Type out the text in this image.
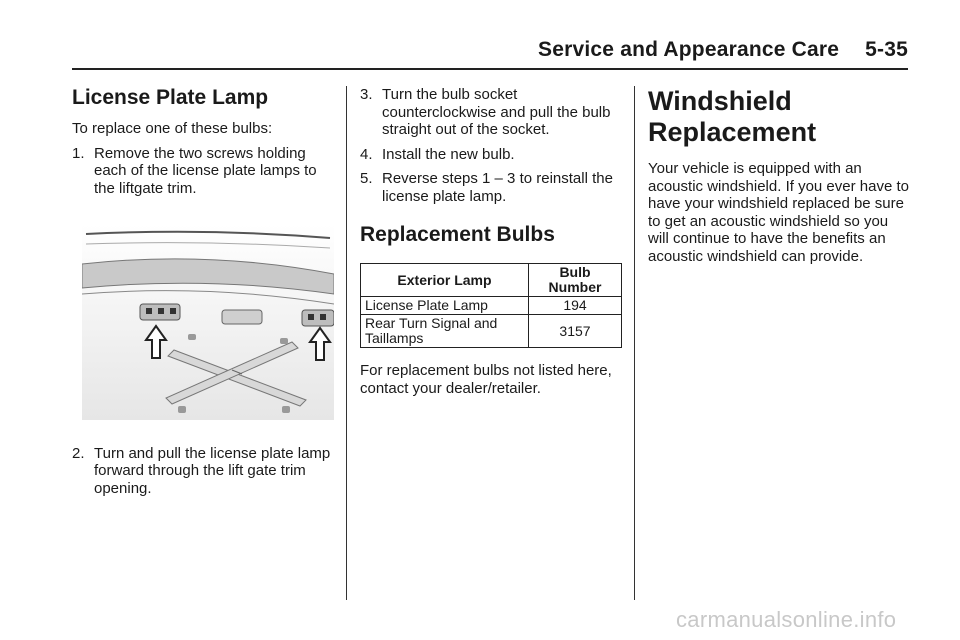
Service and Appearance Care 5-35
License Plate Lamp

To replace one of these bulbs:

1. Remove the two screws holding each of the license plate lamps to the liftgate trim.
2. Turn and pull the license plate lamp forward through the lift gate trim opening.
3. Turn the bulb socket counterclockwise and pull the bulb straight out of the socket.
4. Install the new bulb.
5. Reverse steps 1 – 3 to reinstall the license plate lamp.
Replacement Bulbs
Exterior Lamp	Bulb Number
License Plate Lamp	194
Rear Turn Signal and Taillamps	3157

For replacement bulbs not listed here, contact your dealer/retailer.

Windshield Replacement

Your vehicle is equipped with an acoustic windshield. If you ever have to have your windshield replaced be sure to get an acoustic windshield so you will continue to have the benefits an acoustic windshield can provide.

carmanualsonline.info
